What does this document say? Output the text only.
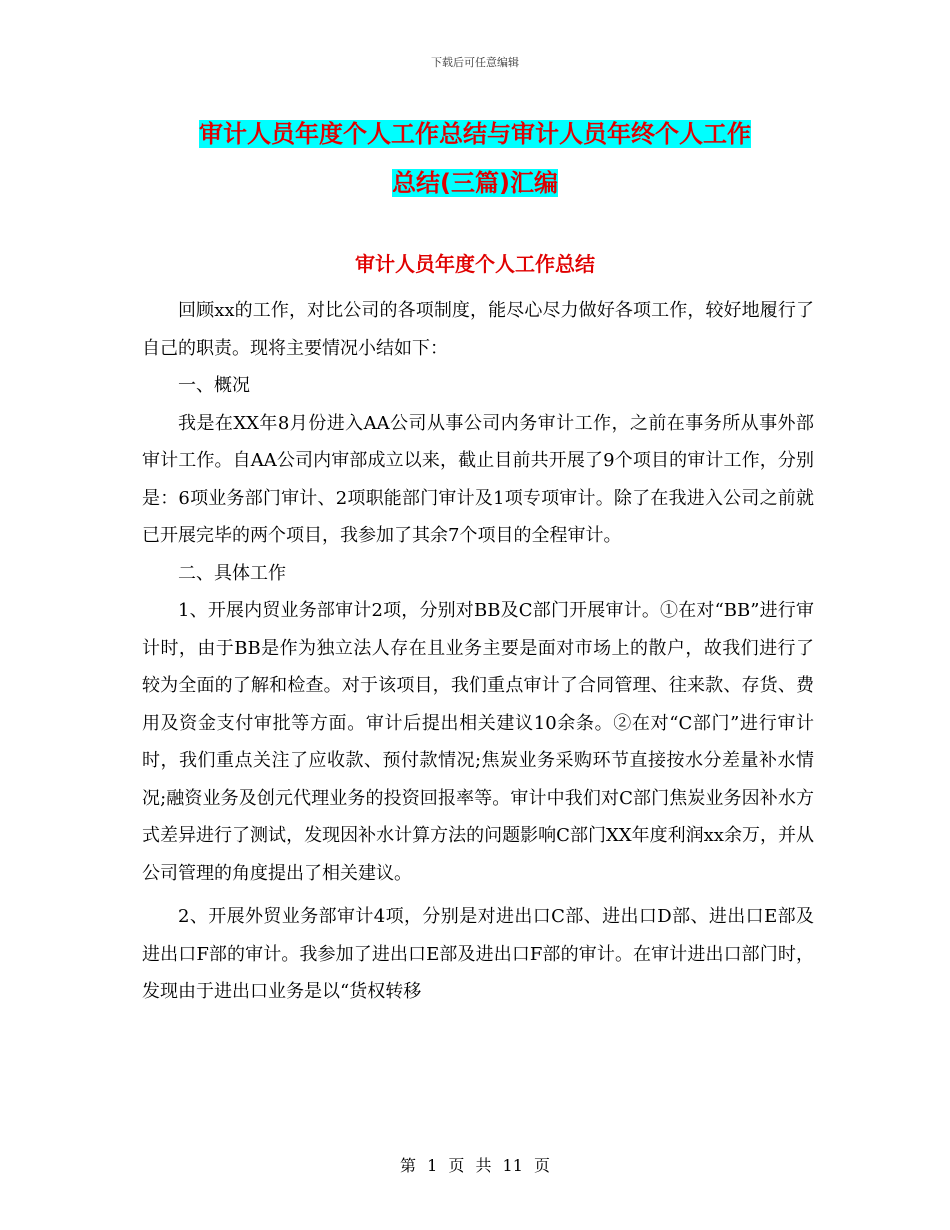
下载后可任意编辑
审计人员年度个人工作总结与审计人员年终个人工作
总结(三篇)汇编
审计人员年度个人工作总结

回顾xx的工作，对比公司的各项制度，能尽心尽力做好各项工作，较好地履行了自己的职责。现将主要情况小结如下：

一、概况

我是在XX年8月份进入AA公司从事公司内务审计工作，之前在事务所从事外部审计工作。自AA公司内审部成立以来，截止目前共开展了9个项目的审计工作，分别是：6项业务部门审计、2项职能部门审计及1项专项审计。除了在我进入公司之前就已开展完毕的两个项目，我参加了其余7个项目的全程审计。

二、具体工作

1、开展内贸业务部审计2项，分别对BB及C部门开展审计。①在对“BB”进行审计时，由于BB是作为独立法人存在且业务主要是面对市场上的散户，故我们进行了较为全面的了解和检查。对于该项目，我们重点审计了合同管理、往来款、存货、费用及资金支付审批等方面。审计后提出相关建议10余条。②在对“C部门”进行审计时，我们重点关注了应收款、预付款情况;焦炭业务采购环节直接按水分差量补水情况;融资业务及创元代理业务的投资回报率等。审计中我们对C部门焦炭业务因补水方式差异进行了测试，发现因补水计算方法的问题影响C部门XX年度利润xx余万，并从公司管理的角度提出了相关建议。

2、开展外贸业务部审计4项，分别是对进出口C部、进出口D部、进出口E部及进出口F部的审计。我参加了进出口E部及进出口F部的审计。在审计进出口部门时，发现由于进出口业务是以“货权转移

第 1 页 共 11 页
